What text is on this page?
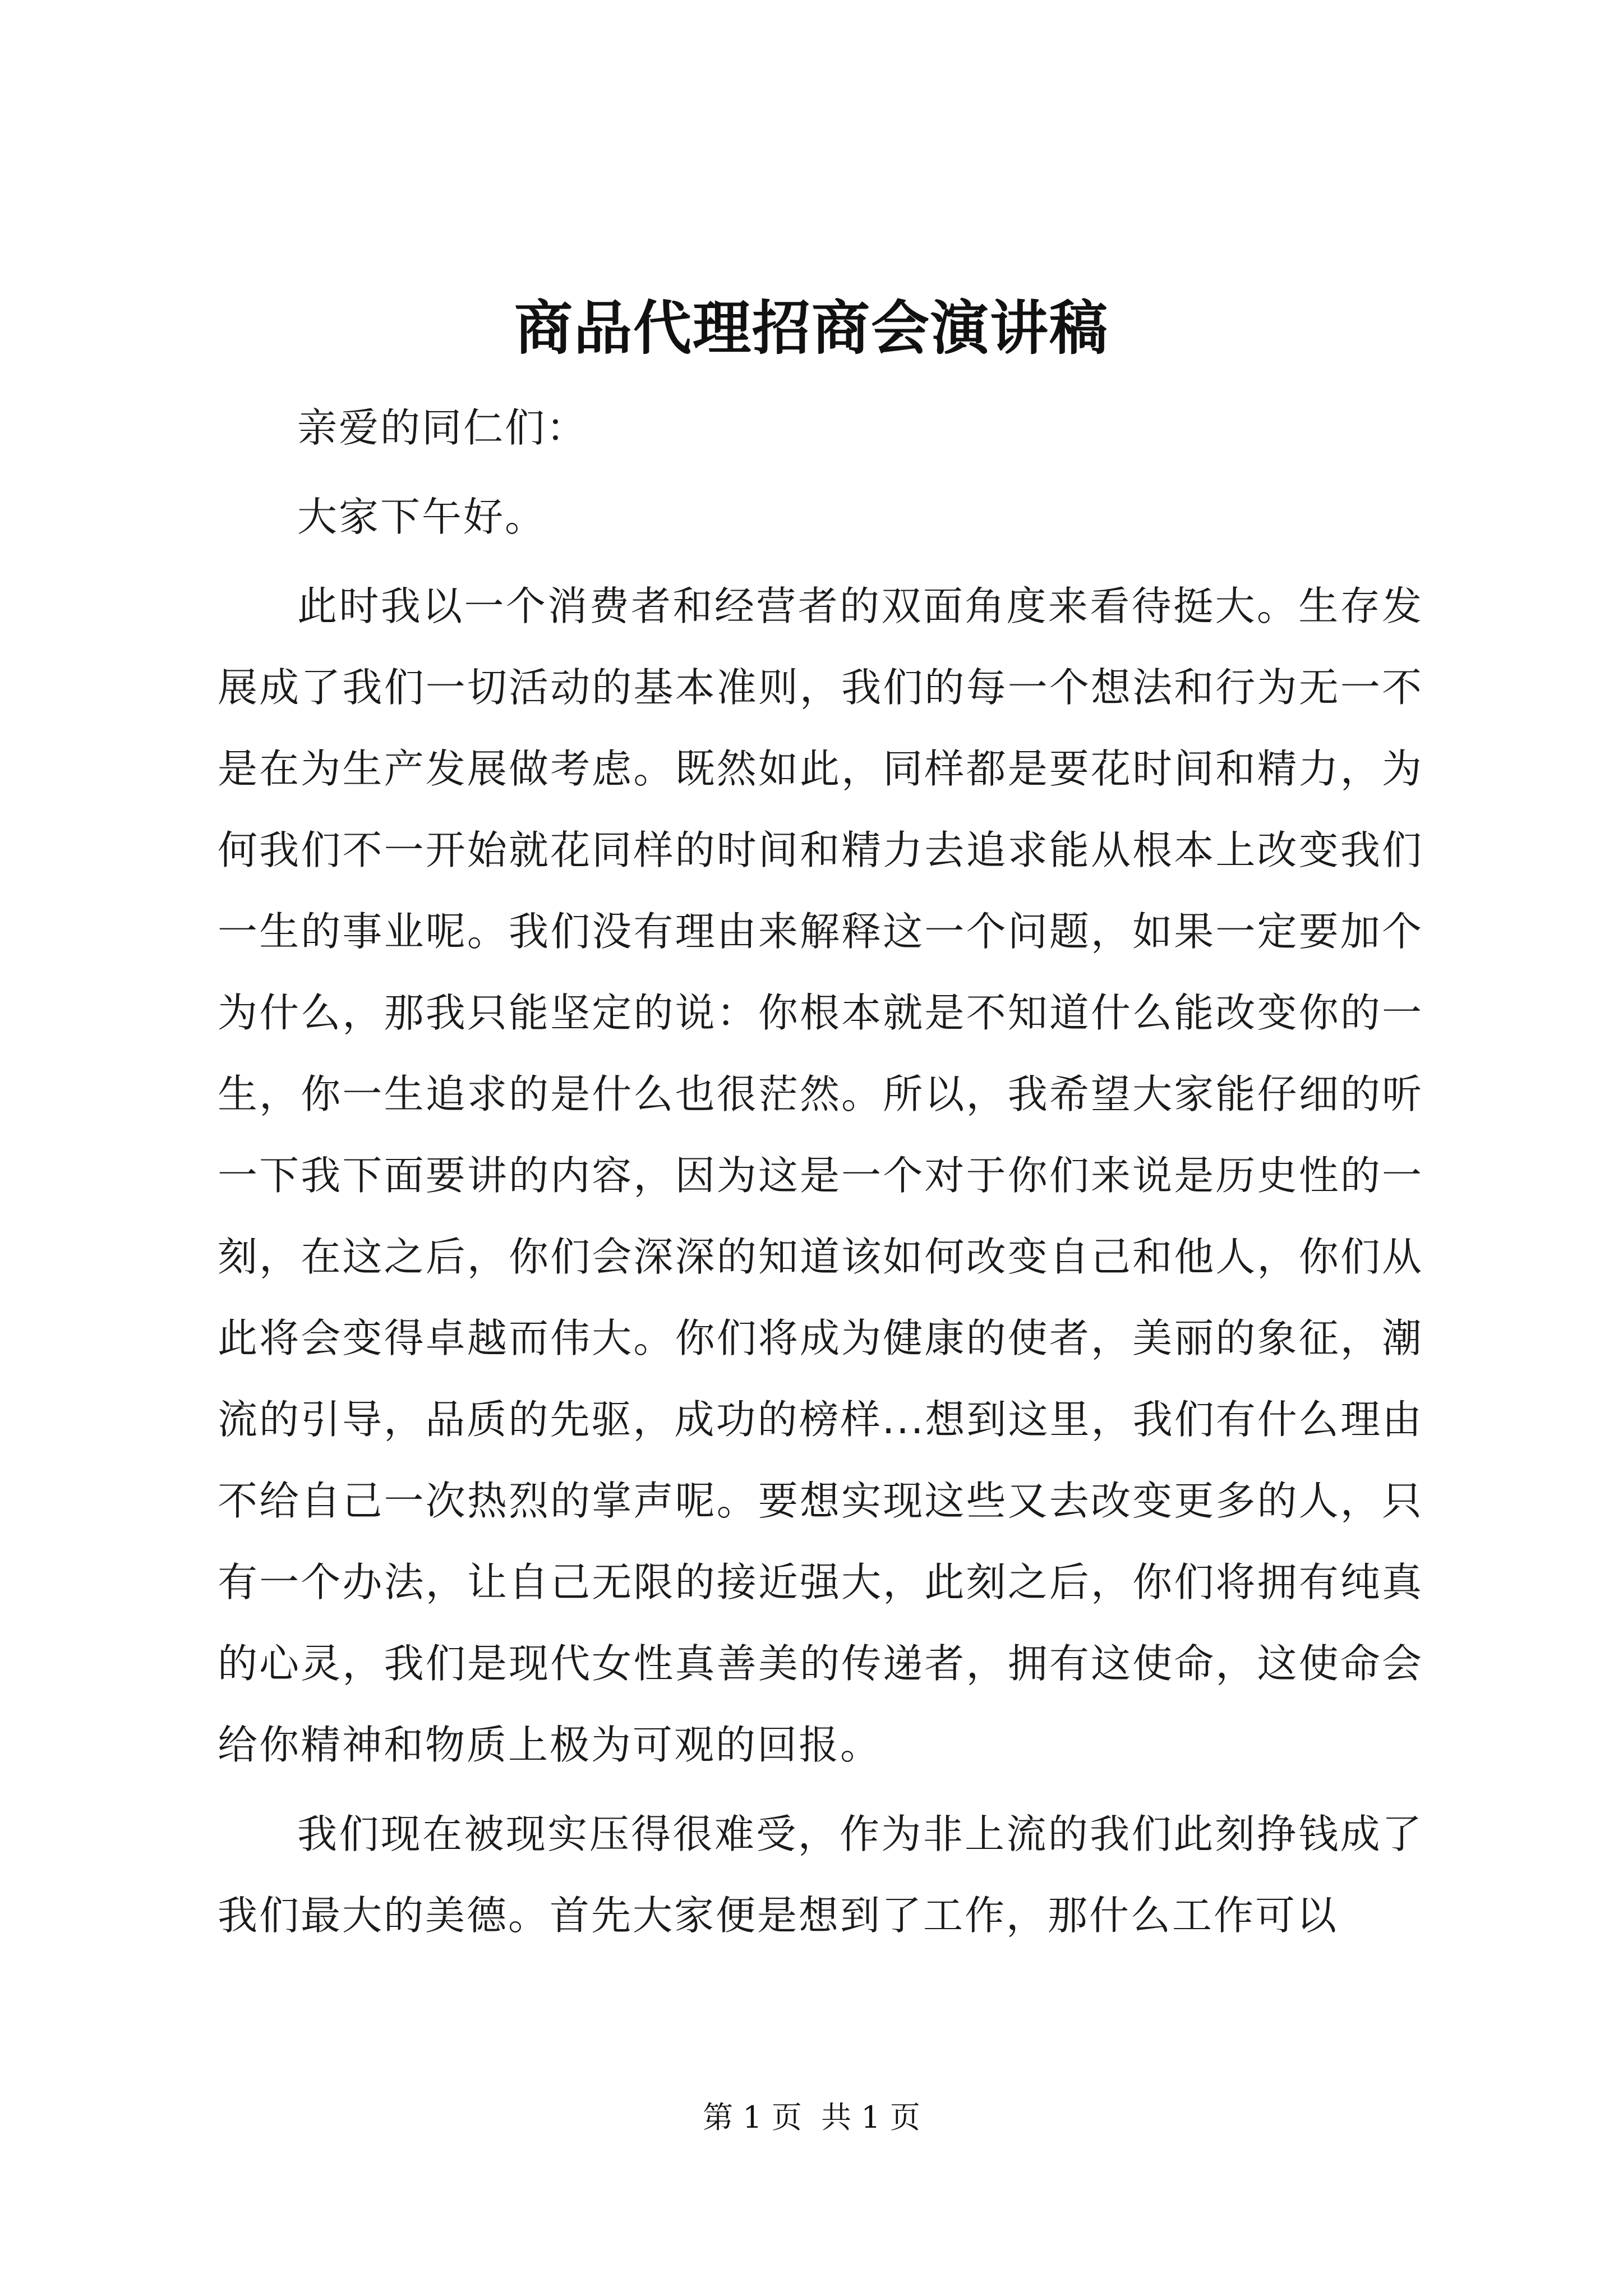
商品代理招商会演讲稿

亲爱的同仁们：

大家下午好。

此时我以一个消费者和经营者的双面角度来看待挺大。生存发展成了我们一切活动的基本准则，我们的每一个想法和行为无一不是在为生产发展做考虑。既然如此，同样都是要花时间和精力，为何我们不一开始就花同样的时间和精力去追求能从根本上改变我们一生的事业呢。我们没有理由来解释这一个问题，如果一定要加个为什么，那我只能坚定的说：你根本就是不知道什么能改变你的一生，你一生追求的是什么也很茫然。所以，我希望大家能仔细的听一下我下面要讲的内容，因为这是一个对于你们来说是历史性的一刻，在这之后，你们会深深的知道该如何改变自己和他人，你们从此将会变得卓越而伟大。你们将成为健康的使者，美丽的象征，潮流的引导，品质的先驱，成功的榜样...想到这里，我们有什么理由不给自己一次热烈的掌声呢。要想实现这些又去改变更多的人，只有一个办法，让自己无限的接近强大，此刻之后，你们将拥有纯真的心灵，我们是现代女性真善美的传递者，拥有这使命，这使命会给你精神和物质上极为可观的回报。

我们现在被现实压得很难受，作为非上流的我们此刻挣钱成了我们最大的美德。首先大家便是想到了工作，那什么工作可以

第 1 页  共 1 页
